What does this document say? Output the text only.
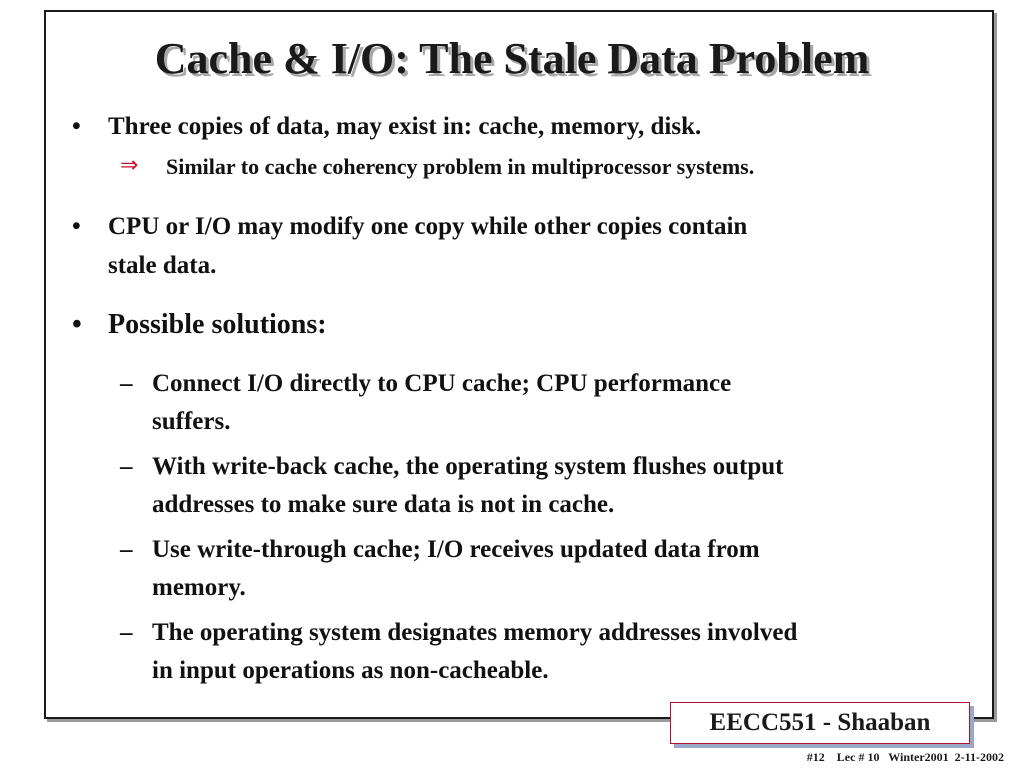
Cache & I/O: The Stale Data Problem
• Three copies of data, may exist in: cache, memory, disk.
⇒ Similar to cache coherency problem in multiprocessor systems.
• CPU or I/O may modify one copy while other copies contain
stale data.
• Possible solutions:
– Connect I/O directly to CPU cache; CPU performance
suffers.
– With write-back cache, the operating system flushes output
addresses to make sure data is not in cache.
– Use write-through cache; I/O receives updated data from
memory.
– The operating system designates memory addresses involved
in input operations as non-cacheable.
EECC551 - Shaaban
#12    Lec # 10   Winter2001  2-11-2002
